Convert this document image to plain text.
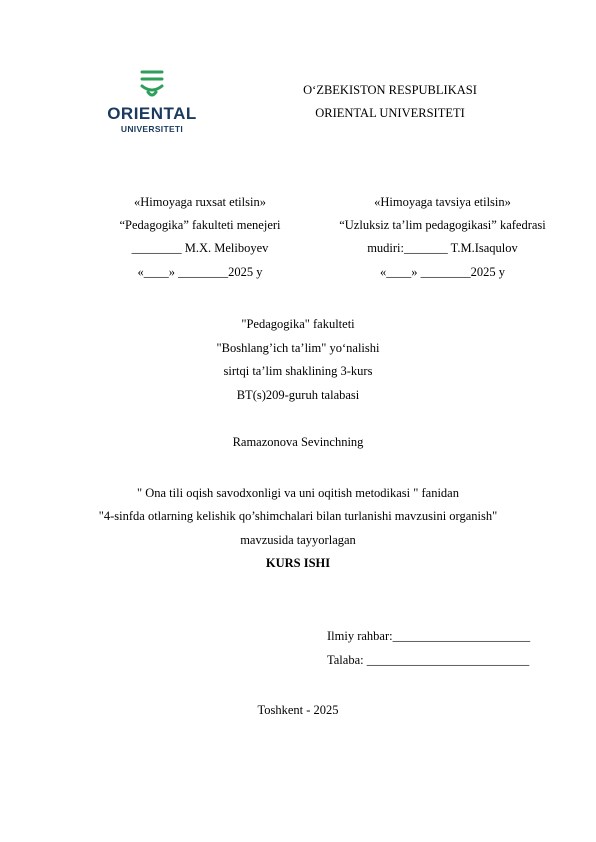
ORIENTAL
UNIVERSITETI
O‘ZBEKISTON RESPUBLIKASI
ORIENTAL UNIVERSITETI
«Himoyaga ruxsat etilsin»
“Pedagogika” fakulteti menejeri
________ M.X. Meliboyev
«____» ________2025 y
«Himoyaga tavsiya etilsin»
“Uzluksiz ta’lim pedagogikasi” kafedrasi
mudiri:_______ T.M.Isaqulov
«____» ________2025 y
"Pedagogika" fakulteti
"Boshlang’ich ta’lim" yo‘nalishi
sirtqi ta’lim shaklining 3-kurs
BT(s)209-guruh talabasi
Ramazonova Sevinchning
" Ona tili oqish savodxonligi va uni oqitish metodikasi " fanidan
"4-sinfda otlarning kelishik qo’shimchalari bilan turlanishi mavzusini organish"
mavzusida tayyorlagan
KURS ISHI
Ilmiy rahbar:______________________
Talaba: __________________________
Toshkent - 2025
